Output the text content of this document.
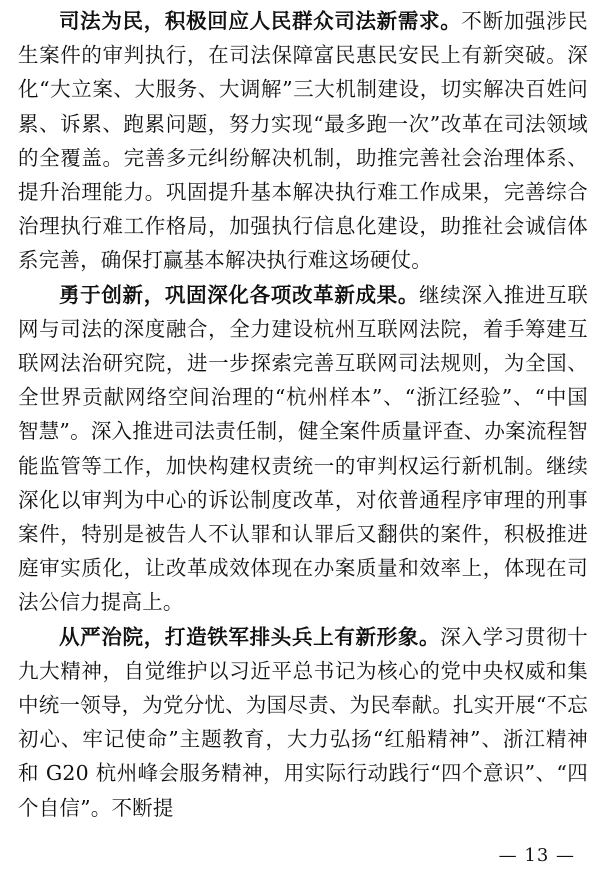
司法为民，积极回应人民群众司法新需求。不断加强涉民生案件的审判执行，在司法保障富民惠民安民上有新突破。深化“大立案、大服务、大调解”三大机制建设，切实解决百姓问累、诉累、跑累问题，努力实现“最多跑一次”改革在司法领域的全覆盖。完善多元纠纷解决机制，助推完善社会治理体系、提升治理能力。巩固提升基本解决执行难工作成果，完善综合治理执行难工作格局，加强执行信息化建设，助推社会诚信体系完善，确保打赢基本解决执行难这场硬仗。

勇于创新，巩固深化各项改革新成果。继续深入推进互联网与司法的深度融合，全力建设杭州互联网法院，着手筹建互联网法治研究院，进一步探索完善互联网司法规则，为全国、全世界贡献网络空间治理的“杭州样本”、“浙江经验”、“中国智慧”。深入推进司法责任制，健全案件质量评查、办案流程智能监管等工作，加快构建权责统一的审判权运行新机制。继续深化以审判为中心的诉讼制度改革，对依普通程序审理的刑事案件，特别是被告人不认罪和认罪后又翻供的案件，积极推进庭审实质化，让改革成效体现在办案质量和效率上，体现在司法公信力提高上。

从严治院，打造铁军排头兵上有新形象。深入学习贯彻十九大精神，自觉维护以习近平总书记为核心的党中央权威和集中统一领导，为党分忧、为国尽责、为民奉献。扎实开展“不忘初心、牢记使命”主题教育，大力弘扬“红船精神”、浙江精神和 G20 杭州峰会服务精神，用实际行动践行“四个意识”、“四个自信”。不断提

— 13 —
